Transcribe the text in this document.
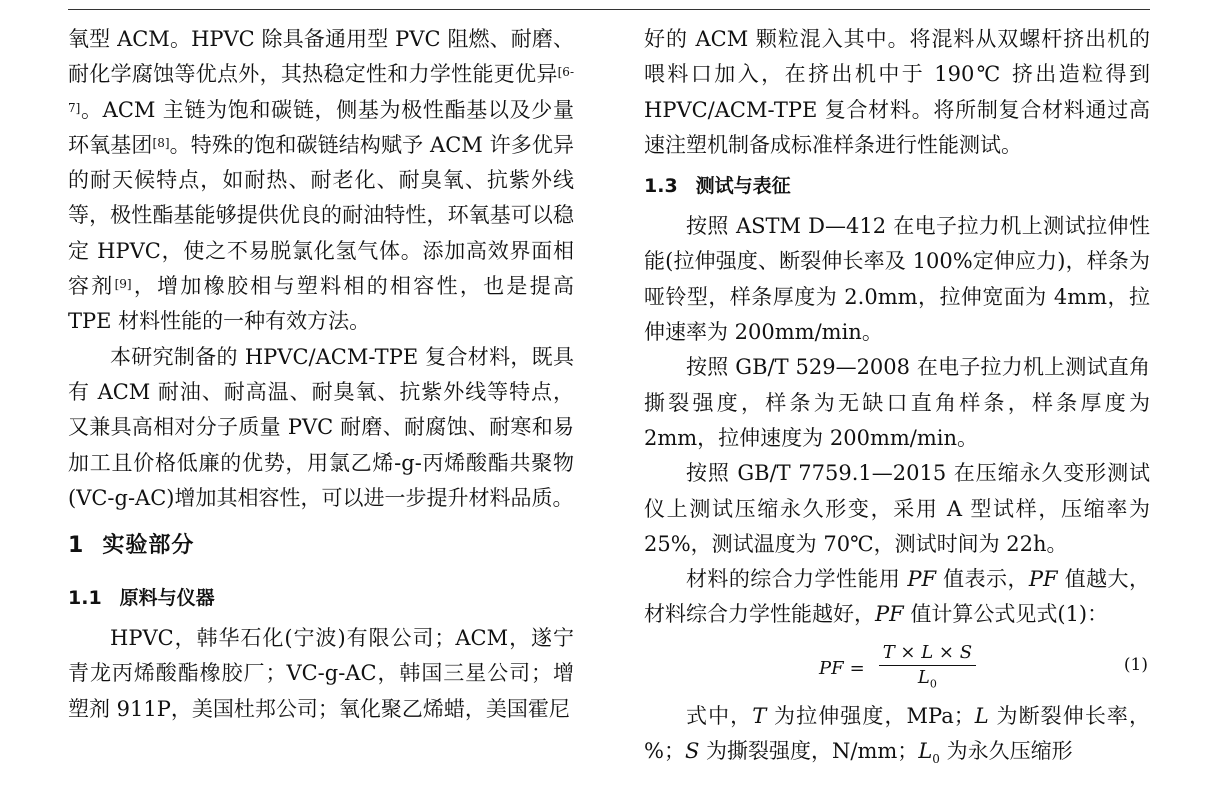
氧型 ACM。HPVC 除具备通用型 PVC 阻燃、耐磨、耐化学腐蚀等优点外，其热稳定性和力学性能更优异[6-7]。ACM 主链为饱和碳链，侧基为极性酯基以及少量环氧基团[8]。特殊的饱和碳链结构赋予 ACM 许多优异的耐天候特点，如耐热、耐老化、耐臭氧、抗紫外线等，极性酯基能够提供优良的耐油特性，环氧基可以稳定 HPVC，使之不易脱氯化氢气体。添加高效界面相容剂[9]，增加橡胶相与塑料相的相容性，也是提高 TPE 材料性能的一种有效方法。

本研究制备的 HPVC/ACM-TPE 复合材料，既具有 ACM 耐油、耐高温、耐臭氧、抗紫外线等特点，又兼具高相对分子质量 PVC 耐磨、耐腐蚀、耐寒和易加工且价格低廉的优势，用氯乙烯-g-丙烯酸酯共聚物(VC-g-AC)增加其相容性，可以进一步提升材料品质。

1 实验部分
1.1 原料与仪器

HPVC，韩华石化(宁波)有限公司；ACM，遂宁青龙丙烯酸酯橡胶厂；VC-g-AC，韩国三星公司；增塑剂 911P，美国杜邦公司；氧化聚乙烯蜡，美国霍尼

好的 ACM 颗粒混入其中。将混料从双螺杆挤出机的喂料口加入，在挤出机中于 190℃ 挤出造粒得到 HPVC/ACM-TPE 复合材料。将所制复合材料通过高速注塑机制备成标准样条进行性能测试。

1.3 测试与表征

按照 ASTM D—412 在电子拉力机上测试拉伸性能(拉伸强度、断裂伸长率及 100%定伸应力)，样条为哑铃型，样条厚度为 2.0mm，拉伸宽面为 4mm，拉伸速率为 200mm/min。

按照 GB/T 529—2008 在电子拉力机上测试直角撕裂强度，样条为无缺口直角样条，样条厚度为 2mm，拉伸速度为 200mm/min。

按照 GB/T 7759.1—2015 在压缩永久变形测试仪上测试压缩永久形变，采用 A 型试样，压缩率为 25%，测试温度为 70℃，测试时间为 22h。

材料的综合力学性能用 PF 值表示，PF 值越大，材料综合力学性能越好，PF 值计算公式见式(1)：

PF = $\frac{T \times L \times S}{L_0}$	(1)

式中，T 为拉伸强度，MPa；L 为断裂伸长率，%；S 为撕裂强度，N/mm；$L_0$ 为永久压缩形
